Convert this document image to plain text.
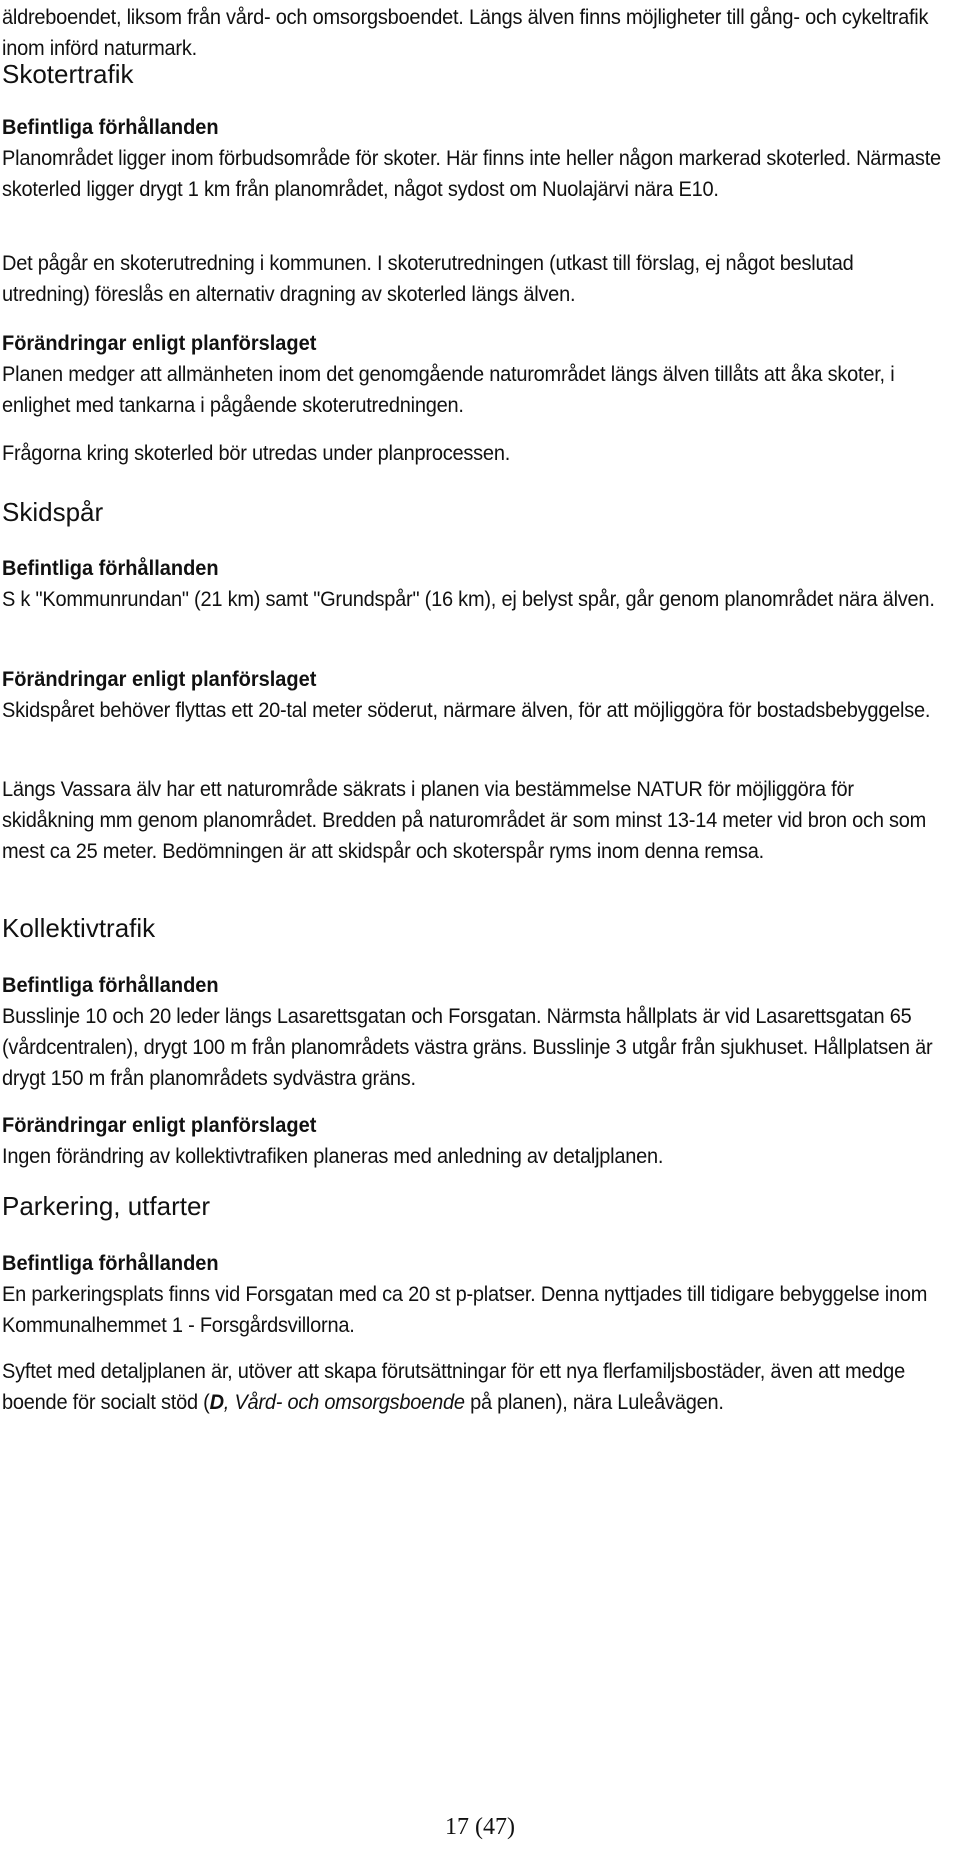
äldreboendet, liksom från vård- och omsorgsboendet. Längs älven finns möjligheter till gång- och cykeltrafik inom införd naturmark.

Skotertrafik
Befintliga förhållanden

Planområdet ligger inom förbudsområde för skoter. Här finns inte heller någon markerad skoterled. Närmaste skoterled ligger drygt 1 km från planområdet, något sydost om Nuolajärvi nära E10.

Det pågår en skoterutredning i kommunen. I skoterutredningen (utkast till förslag, ej något beslutad utredning) föreslås en alternativ dragning av skoterled längs älven.

Förändringar enligt planförslaget

Planen medger att allmänheten inom det genomgående naturområdet längs älven tillåts att åka skoter, i enlighet med tankarna i pågående skoterutredningen.

Frågorna kring skoterled bör utredas under planprocessen.

Skidspår
Befintliga förhållanden

S k "Kommunrundan" (21 km) samt "Grundspår" (16 km), ej belyst spår, går genom planområdet nära älven.

Förändringar enligt planförslaget

Skidspåret behöver flyttas ett 20-tal meter söderut, närmare älven, för att möjliggöra för bostadsbebyggelse.

Längs Vassara älv har ett naturområde säkrats i planen via bestämmelse NATUR för möjliggöra för skidåkning mm genom planområdet. Bredden på naturområdet är som minst 13-14 meter vid bron och som mest ca 25 meter. Bedömningen är att skidspår och skoterspår ryms inom denna remsa.

Kollektivtrafik
Befintliga förhållanden

Busslinje 10 och 20 leder längs Lasarettsgatan och Forsgatan. Närmsta hållplats är vid Lasarettsgatan 65 (vårdcentralen), drygt 100 m från planområdets västra gräns. Busslinje 3 utgår från sjukhuset. Hållplatsen är drygt 150 m från planområdets sydvästra gräns.

Förändringar enligt planförslaget

Ingen förändring av kollektivtrafiken planeras med anledning av detaljplanen.

Parkering, utfarter
Befintliga förhållanden

En parkeringsplats finns vid Forsgatan med ca 20 st p-platser. Denna nyttjades till tidigare bebyggelse inom Kommunalhemmet 1 - Forsgårdsvillorna.

Syftet med detaljplanen är, utöver att skapa förutsättningar för ett nya flerfamiljsbostäder, även att medge boende för socialt stöd (D, Vård- och omsorgsboende på planen), nära Luleåvägen.

17 (47)
